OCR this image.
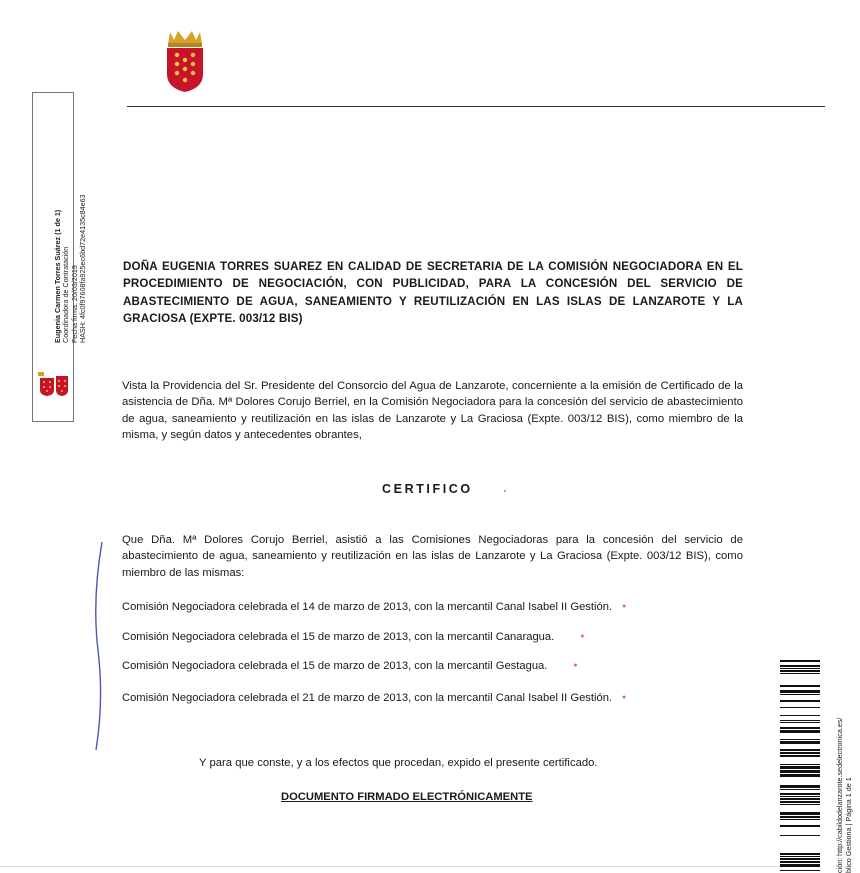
Eugenia Carmen Torres Suárez (1 de 1) Coordinadora de Contratación Fecha firma: 20/03/2019 HASH: 4fc0f97608fa925ec6bd72e4135c84e63	DOÑA EUGENIA TORRES SUAREZ EN CALIDAD DE SECRETARIA DE LA COMISIÓN NEGOCIADORA EN EL PROCEDIMIENTO DE NEGOCIACIÓN, CON PUBLICIDAD, PARA LA CONCESIÓN DEL SERVICIO DE ABASTECIMIENTO DE AGUA, SANEAMIENTO Y REUTILIZACIÓN EN LAS ISLAS DE LANZAROTE Y LA GRACIOSA (EXPTE. 003/12 BIS)
Vista la Providencia del Sr. Presidente del Consorcio del Agua de Lanzarote, concerniente a la emisión de Certificado de la asistencia de Dña. Mª Dolores Corujo Berriel, en la Comisión Negociadora para la concesión del servicio de abastecimiento de agua, saneamiento y reutilización en las islas de Lanzarote y La Graciosa (Expte. 003/12 BIS), como miembro de la misma, y según datos y antecedentes obrantes,
CERTIFICO
Que Dña. Mª Dolores Corujo Berriel, asistió a las Comisiones Negociadoras para la concesión del servicio de abastecimiento de agua, saneamiento y reutilización en las islas de Lanzarote y La Graciosa (Expte. 003/12 BIS), como miembro de las mismas:
Comisión Negociadora celebrada el 14 de marzo de 2013, con la mercantil Canal Isabel II Gestión. ●
Comisión Negociadora celebrada el 15 de marzo de 2013, con la mercantil Canaragua.	●
Comisión Negociadora celebrada el 15 de marzo de 2013, con la mercantil Gestagua.	●
Comisión Negociadora celebrada el 21 de marzo de 2013, con la mercantil Canal Isabel II Gestión. ●
Y para que conste, y a los efectos que procedan, expido el presente certificado.
DOCUMENTO FIRMADO ELECTRÓNICAMENTE	ción: http://cabildodelanzarote.sedelectronica.es/ blico Gestiona | Página 1 de 1
